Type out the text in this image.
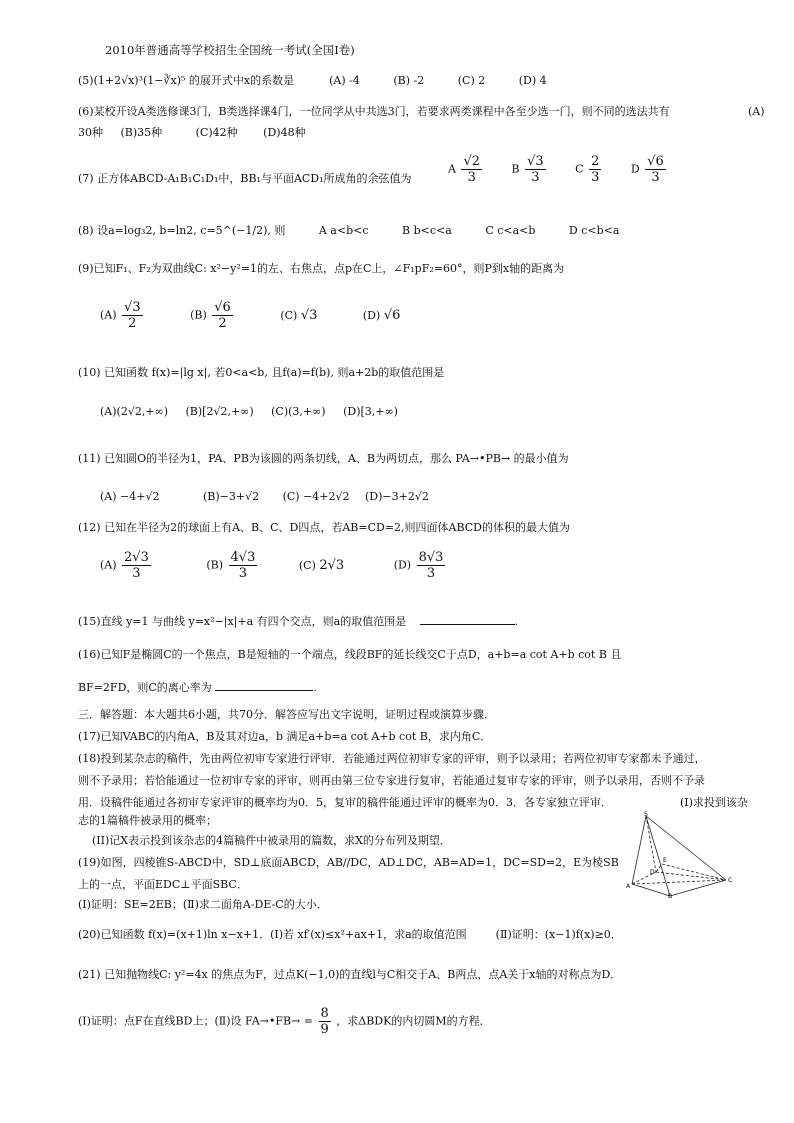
2010年普通高等学校招生全国统一考试(全国Ⅰ卷)
(5)(1+2√x)³(1−∛x)⁵ 的展开式中x的系数是	(A) -4	(B) -2	(C) 2	(D) 4
(6)某校开设A类选修课3门，B类选择课4门，一位同学从中共选3门，若要求两类课程中各至少选一门，则不同的选法共有	(A)
30种 (B)35种	(C)42种 (D)48种
(7) 正方体ABCD-A₁B₁C₁D₁中，BB₁与平面ACD₁所成角的余弦值为
A $\frac{√2}{3}$	B $\frac{√3}{3}$	C $\frac{2}{3}$	D $\frac{√6}{3}$
(8) 设a=log₃2, b=ln2, c=5^(−1/2), 则	A a<b<c	B b<c<a	C c<a<b	D c<b<a
(9)已知F₁、F₂为双曲线C: x²−y²=1的左、右焦点，点p在C上，∠F₁pF₂=60°，则P到x轴的距离为
$(A) \frac{√3}{2}$	$(B) \frac{√6}{2}$	(C) √3	(D) √6
(10) 已知函数 f(x)=|lg x|, 若0<a<b, 且f(a)=f(b), 则a+2b的取值范围是
(A)(2√2,+∞) (B)[2√2,+∞) (C)(3,+∞) (D)[3,+∞)
(11) 已知圆O的半径为1，PA、PB为该圆的两条切线，A、B为两切点，那么 PA→•PB→ 的最小值为
(A) −4+√2	(B)−3+√2 (C) −4+2√2 (D)−3+2√2
(12) 已知在半径为2的球面上有A、B、C、D四点，若AB=CD=2,则四面体ABCD的体积的最大值为
$(A) \frac{2√3}{3}$	$(B) \frac{4√3}{3}$	(C) 2√3	$(D) \frac{8√3}{3}$
(15)直线 y=1 与曲线 y=x²−|x|+a 有四个交点，则a的取值范围是	.
(16)已知F是椭圆C的一个焦点，B是短轴的一个端点，线段BF的延长线交C于点D，a+b=a cot A+b cot B 且
BF=2FD，则C的离心率为	.
三．解答题：本大题共6小题，共70分．解答应写出文字说明，证明过程或演算步骤．
(17)已知VABC的内角A，B及其对边a，b 满足a+b=a cot A+b cot B，求内角C．
(18)投到某杂志的稿件，先由两位初审专家进行评审．若能通过两位初审专家的评审，则予以录用；若两位初审专家都未予通过，
则不予录用；若恰能通过一位初审专家的评审，则再由第三位专家进行复审，若能通过复审专家的评审，则予以录用，否则不予录
用．设稿件能通过各初审专家评审的概率均为0．5，复审的稿件能通过评审的概率为0．3．各专家独立评审．	(I)求投到该杂
志的1篇稿件被录用的概率；
(II)记X表示投到该杂志的4篇稿件中被录用的篇数，求X的分布列及期望．
(19)如图，四棱锥S-ABCD中，SD⊥底面ABCD，AB//DC，AD⊥DC，AB=AD=1，DC=SD=2，E为棱SB
上的一点，平面EDC⊥平面SBC．
(Ⅰ)证明：SE=2EB；(Ⅱ)求二面角A-DE-C的大小．
S
A
B
C
D
E
(20)已知函数 f(x)=(x+1)ln x−x+1．(Ⅰ)若 xf′(x)≤x²+ax+1，求a的取值范围	(Ⅱ)证明：(x−1)f(x)≥0．
(21) 已知抛物线C: y²=4x 的焦点为F，过点K(−1,0)的直线l与C相交于A、B两点，点A关于x轴的对称点为D．
(Ⅰ)证明：点F在直线BD上；(Ⅱ)设 FA→•FB→ = $\frac{8}{9}$ ，求ΔBDK的内切圆M的方程．
